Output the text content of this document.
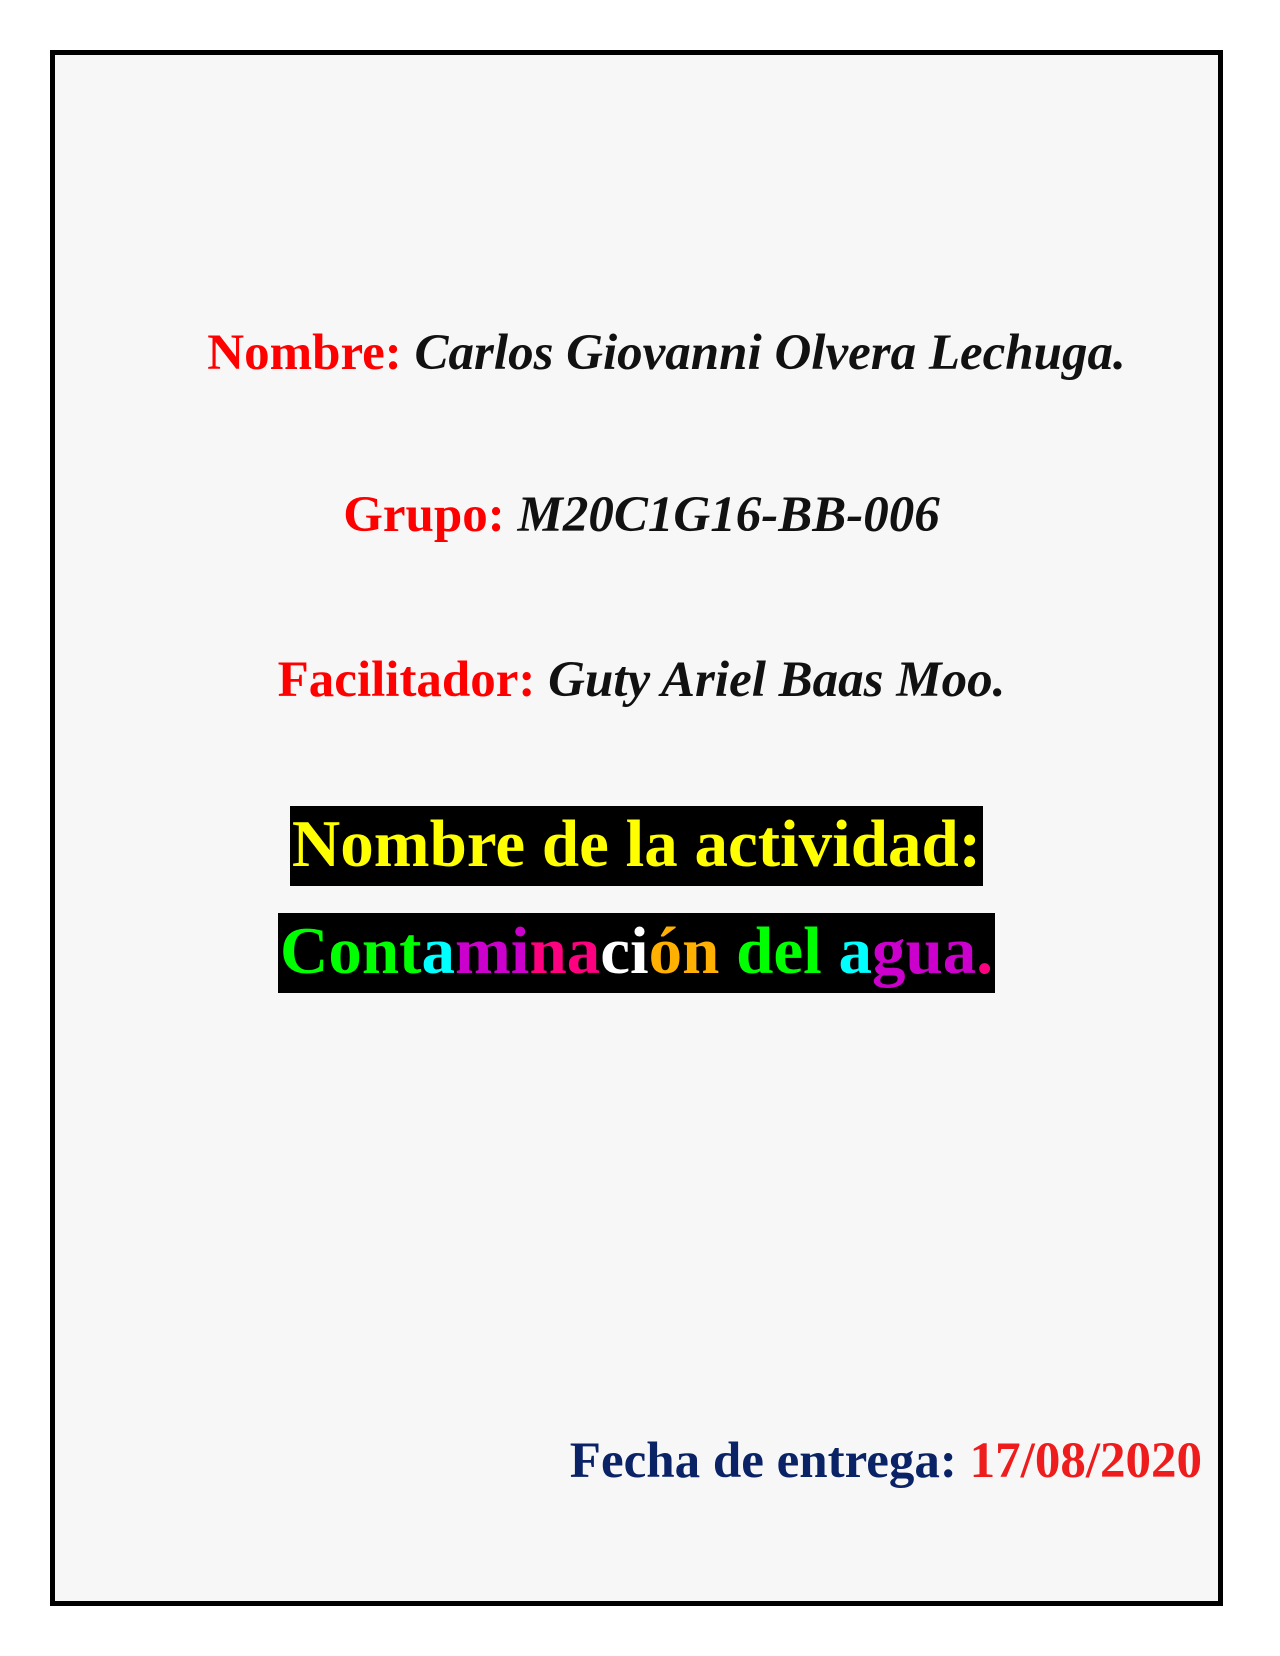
Nombre: Carlos Giovanni Olvera Lechuga.
Grupo: M20C1G16-BB-006
Facilitador: Guty Ariel Baas Moo.
Nombre de la actividad:
Contaminación del agua.
Fecha de entrega: 17/08/2020
